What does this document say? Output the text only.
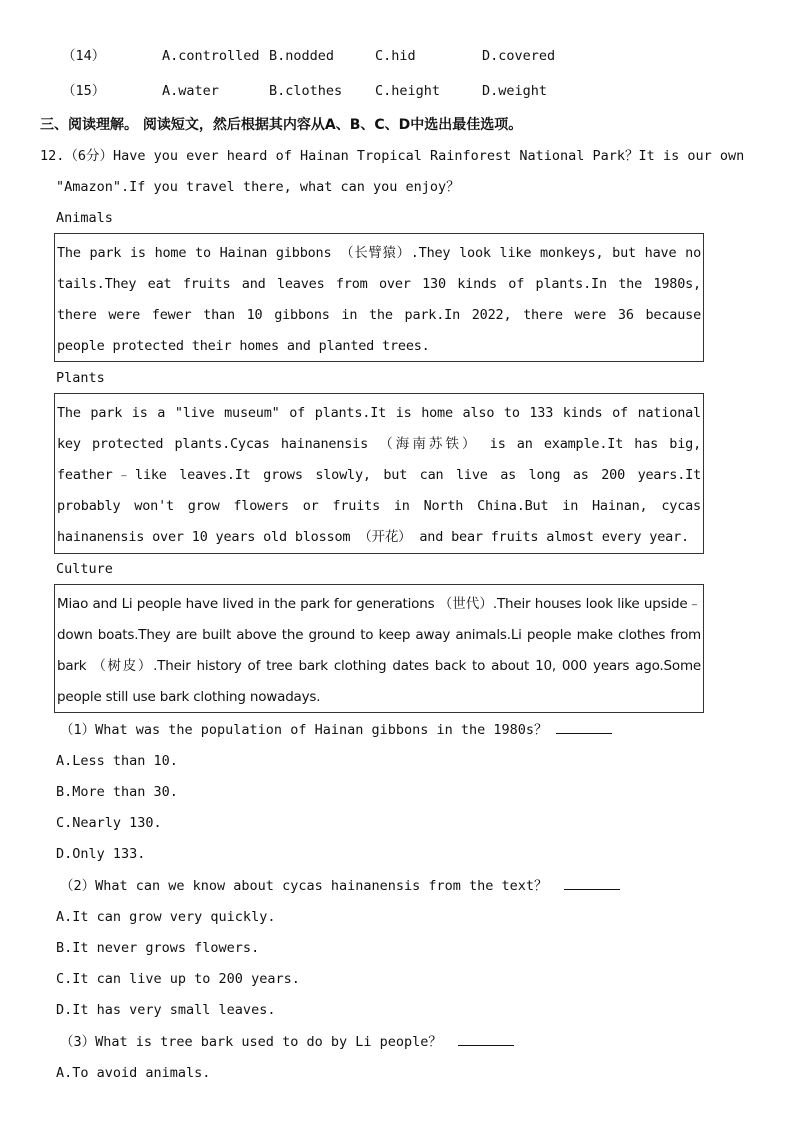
（14）	A.controlled B.nodded	C.hid	D.covered
（15）	A.water	B.clothes C.height	D.weight
三、阅读理解。 阅读短文，然后根据其内容从A、B、C、D中选出最佳选项。
12.（6分）Have you ever heard of Hainan Tropical Rainforest National Park？It is our own
"Amazon".If you travel there, what can you enjoy？
Animals

The park is home to Hainan gibbons （长臂猿）.They look like monkeys, but have no tails.They eat fruits and leaves from over 130 kinds of plants.In the 1980s, there were fewer than 10 gibbons in the park.In 2022, there were 36 because people protected their homes and planted trees.

Plants

The park is a "live museum" of plants.It is home also to 133 kinds of national key protected plants.Cycas hainanensis （海南苏铁） is an example.It has big, feather﹣like leaves.It grows slowly, but can live as long as 200 years.It probably won't grow flowers or fruits in North China.But in Hainan, cycas hainanensis over 10 years old blossom （开花） and bear fruits almost every year.

Culture

Miao and Li people have lived in the park for generations （世代）.Their houses look like upside﹣down boats.They are built above the ground to keep away animals.Li people make clothes from bark （树皮）.Their history of tree bark clothing dates back to about 10, 000 years ago.Some people still use bark clothing nowadays.

（1）What was the population of Hainan gibbons in the 1980s？
A.Less than 10.
B.More than 30.
C.Nearly 130.
D.Only 133.
（2）What can we know about cycas hainanensis from the text？
A.It can grow very quickly.
B.It never grows flowers.
C.It can live up to 200 years.
D.It has very small leaves.
（3）What is tree bark used to do by Li people？
A.To avoid animals.
